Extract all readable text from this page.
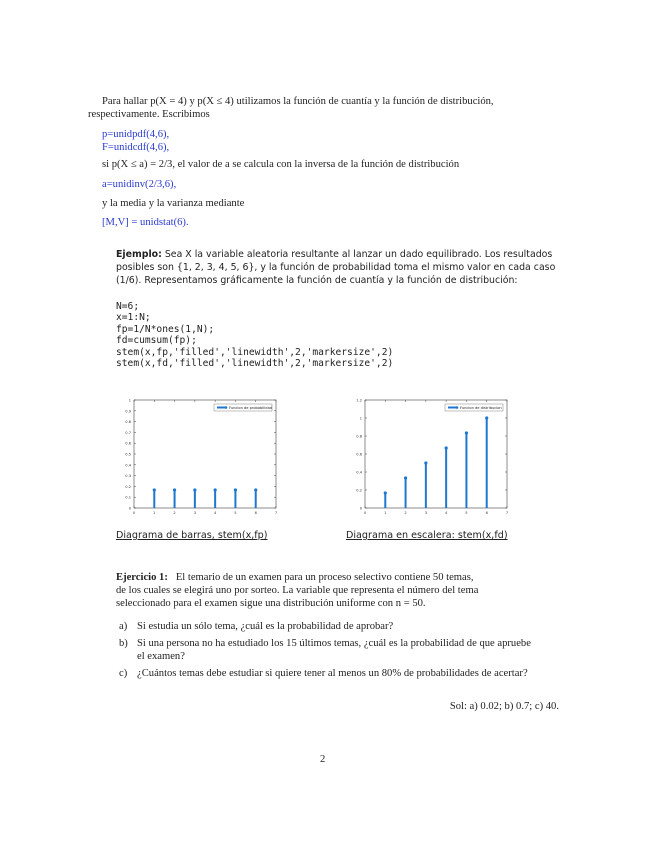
Para hallar p(X = 4) y p(X ≤ 4) utilizamos la función de cuantía y la función de distribución,
respectivamente. Escribimos
p=unidpdf(4,6),
F=unidcdf(4,6),
si p(X ≤ a) = 2/3, el valor de a se calcula con la inversa de la función de distribución
a=unidinv(2/3,6),
y la media y la varianza mediante
[M,V] = unidstat(6).
Ejemplo: Sea X la variable aleatoria resultante al lanzar un dado equilibrado. Los resultados
posibles son {1, 2, 3, 4, 5, 6}, y la función de probabilidad toma el mismo valor en cada caso
(1/6). Representamos gráficamente la función de cuantía y la función de distribución:
N=6;
x=1:N;
fp=1/N*ones(1,N);
fd=cumsum(fp);
stem(x,fp,'filled','linewidth',2,'markersize',2)
stem(x,fd,'filled','linewidth',2,'markersize',2)
0
0.1
0.2
0.3
0.4
0.5
0.6
0.7
0.8
0.9
1
0	1	2	3	4	5	6	7
Funcion de probabilidad
0
0.2
0.4
0.6
0.8
1
1.2
0	1	2	3	4	5	6	7
Funcion de distribucion
Diagrama de barras, stem(x,fp)	Diagrama en escalera: stem(x,fd)
Ejercicio 1: El temario de un examen para un proceso selectivo contiene 50 temas,
de los cuales se elegirá uno por sorteo. La variable que representa el número del tema
seleccionado para el examen sigue una distribución uniforme con n = 50.
a) Si estudia un sólo tema, ¿cuál es la probabilidad de aprobar?
b) Si una persona no ha estudiado los 15 últimos temas, ¿cuál es la probabilidad de que apruebe el examen?
c) ¿Cuántos temas debe estudiar si quiere tener al menos un 80% de probabilidades de acertar?
Sol: a) 0.02; b) 0.7; c) 40.
2
